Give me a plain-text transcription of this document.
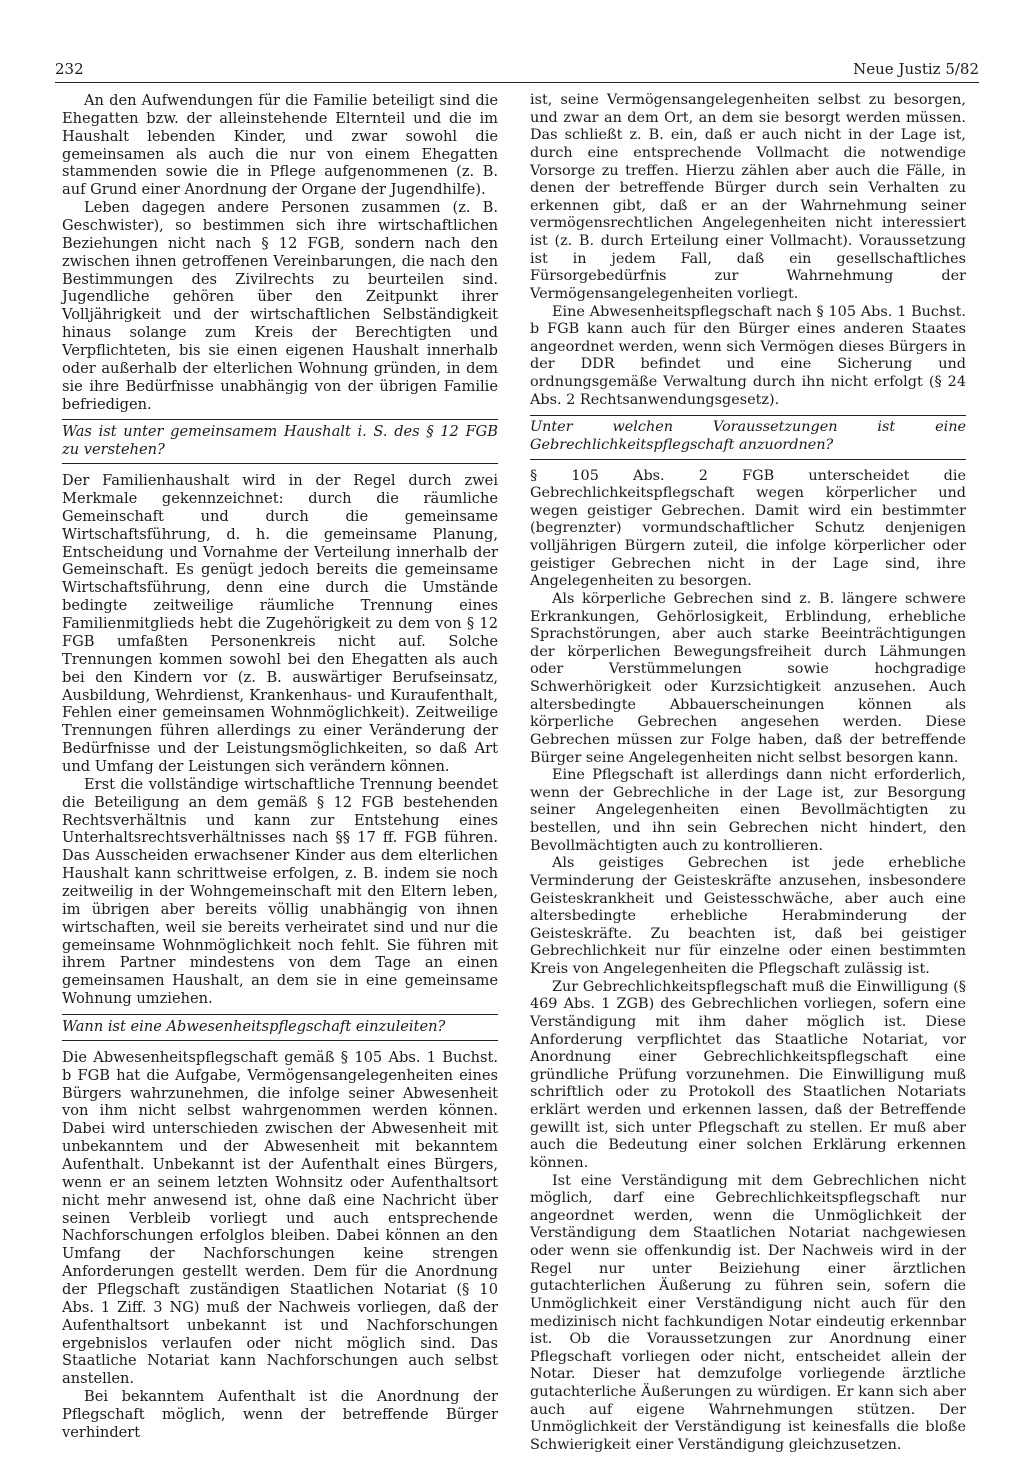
232	Neue Justiz 5/82

An den Aufwendungen für die Familie beteiligt sind die Ehegatten bzw. der alleinstehende Elternteil und die im Haushalt lebenden Kinder, und zwar sowohl die gemeinsamen als auch die nur von einem Ehegatten stammenden sowie die in Pflege aufgenommenen (z. B. auf Grund einer Anordnung der Organe der Jugendhilfe).

Leben dagegen andere Personen zusammen (z. B. Geschwister), so bestimmen sich ihre wirtschaftlichen Beziehungen nicht nach § 12 FGB, sondern nach den zwischen ihnen getroffenen Vereinbarungen, die nach den Bestimmungen des Zivilrechts zu beurteilen sind. Jugendliche gehören über den Zeitpunkt ihrer Volljährigkeit und der wirtschaftlichen Selbständigkeit hinaus solange zum Kreis der Berechtigten und Verpflichteten, bis sie einen eigenen Haushalt innerhalb oder außerhalb der elterlichen Wohnung gründen, in dem sie ihre Bedürfnisse unabhängig von der übrigen Familie befriedigen.

Was ist unter gemeinsamem Haushalt i. S. des § 12 FGB zu verstehen?

Der Familienhaushalt wird in der Regel durch zwei Merkmale gekennzeichnet: durch die räumliche Gemeinschaft und durch die gemeinsame Wirtschaftsführung, d. h. die gemeinsame Planung, Entscheidung und Vornahme der Verteilung innerhalb der Gemeinschaft. Es genügt jedoch bereits die gemeinsame Wirtschaftsführung, denn eine durch die Umstände bedingte zeitweilige räumliche Trennung eines Familienmitglieds hebt die Zugehörigkeit zu dem von § 12 FGB umfaßten Personenkreis nicht auf. Solche Trennungen kommen sowohl bei den Ehegatten als auch bei den Kindern vor (z. B. auswärtiger Berufseinsatz, Ausbildung, Wehrdienst, Krankenhaus- und Kuraufenthalt, Fehlen einer gemeinsamen Wohnmöglichkeit). Zeitweilige Trennungen führen allerdings zu einer Veränderung der Bedürfnisse und der Leistungsmöglichkeiten, so daß Art und Umfang der Leistungen sich verändern können.

Erst die vollständige wirtschaftliche Trennung beendet die Beteiligung an dem gemäß § 12 FGB bestehenden Rechtsverhältnis und kann zur Entstehung eines Unterhaltsrechtsverhältnisses nach §§ 17 ff. FGB führen. Das Ausscheiden erwachsener Kinder aus dem elterlichen Haushalt kann schrittweise erfolgen, z. B. indem sie noch zeitweilig in der Wohngemeinschaft mit den Eltern leben, im übrigen aber bereits völlig unabhängig von ihnen wirtschaften, weil sie bereits verheiratet sind und nur die gemeinsame Wohnmöglichkeit noch fehlt. Sie führen mit ihrem Partner mindestens von dem Tage an einen gemeinsamen Haushalt, an dem sie in eine gemeinsame Wohnung umziehen.

Wann ist eine Abwesenheitspflegschaft einzuleiten?

Die Abwesenheitspflegschaft gemäß § 105 Abs. 1 Buchst. b FGB hat die Aufgabe, Vermögensangelegenheiten eines Bürgers wahrzunehmen, die infolge seiner Abwesenheit von ihm nicht selbst wahrgenommen werden können. Dabei wird unterschieden zwischen der Abwesenheit mit unbekanntem und der Abwesenheit mit bekanntem Aufenthalt. Unbekannt ist der Aufenthalt eines Bürgers, wenn er an seinem letzten Wohnsitz oder Aufenthaltsort nicht mehr anwesend ist, ohne daß eine Nachricht über seinen Verbleib vorliegt und auch entsprechende Nachforschungen erfolglos bleiben. Dabei können an den Umfang der Nachforschungen keine strengen Anforderungen gestellt werden. Dem für die Anordnung der Pflegschaft zuständigen Staatlichen Notariat (§ 10 Abs. 1 Ziff. 3 NG) muß der Nachweis vorliegen, daß der Aufenthaltsort unbekannt ist und Nachforschungen ergebnislos verlaufen oder nicht möglich sind. Das Staatliche Notariat kann Nachforschungen auch selbst anstellen.

Bei bekanntem Aufenthalt ist die Anordnung der Pflegschaft möglich, wenn der betreffende Bürger verhindert

ist, seine Vermögensangelegenheiten selbst zu besorgen, und zwar an dem Ort, an dem sie besorgt werden müssen. Das schließt z. B. ein, daß er auch nicht in der Lage ist, durch eine entsprechende Vollmacht die notwendige Vorsorge zu treffen. Hierzu zählen aber auch die Fälle, in denen der betreffende Bürger durch sein Verhalten zu erkennen gibt, daß er an der Wahrnehmung seiner vermögensrechtlichen Angelegenheiten nicht interessiert ist (z. B. durch Erteilung einer Vollmacht). Voraussetzung ist in jedem Fall, daß ein gesellschaftliches Fürsorgebedürfnis zur Wahrnehmung der Vermögensangelegenheiten vorliegt.

Eine Abwesenheitspflegschaft nach § 105 Abs. 1 Buchst. b FGB kann auch für den Bürger eines anderen Staates angeordnet werden, wenn sich Vermögen dieses Bürgers in der DDR befindet und eine Sicherung und ordnungsgemäße Verwaltung durch ihn nicht erfolgt (§ 24 Abs. 2 Rechtsanwendungsgesetz).

Unter welchen Voraussetzungen ist eine Gebrechlichkeitspflegschaft anzuordnen?

§ 105 Abs. 2 FGB unterscheidet die Gebrechlichkeitspflegschaft wegen körperlicher und wegen geistiger Gebrechen. Damit wird ein bestimmter (begrenzter) vormundschaftlicher Schutz denjenigen volljährigen Bürgern zuteil, die infolge körperlicher oder geistiger Gebrechen nicht in der Lage sind, ihre Angelegenheiten zu besorgen.

Als körperliche Gebrechen sind z. B. längere schwere Erkrankungen, Gehörlosigkeit, Erblindung, erhebliche Sprachstörungen, aber auch starke Beeinträchtigungen der körperlichen Bewegungsfreiheit durch Lähmungen oder Verstümmelungen sowie hochgradige Schwerhörigkeit oder Kurzsichtigkeit anzusehen. Auch altersbedingte Abbauerscheinungen können als körperliche Gebrechen angesehen werden. Diese Gebrechen müssen zur Folge haben, daß der betreffende Bürger seine Angelegenheiten nicht selbst besorgen kann.

Eine Pflegschaft ist allerdings dann nicht erforderlich, wenn der Gebrechliche in der Lage ist, zur Besorgung seiner Angelegenheiten einen Bevollmächtigten zu bestellen, und ihn sein Gebrechen nicht hindert, den Bevollmächtigten auch zu kontrollieren.

Als geistiges Gebrechen ist jede erhebliche Verminderung der Geisteskräfte anzusehen, insbesondere Geisteskrankheit und Geistesschwäche, aber auch eine altersbedingte erhebliche Herabminderung der Geisteskräfte. Zu beachten ist, daß bei geistiger Gebrechlichkeit nur für einzelne oder einen bestimmten Kreis von Angelegenheiten die Pflegschaft zulässig ist.

Zur Gebrechlichkeitspflegschaft muß die Einwilligung (§ 469 Abs. 1 ZGB) des Gebrechlichen vorliegen, sofern eine Verständigung mit ihm daher möglich ist. Diese Anforderung verpflichtet das Staatliche Notariat, vor Anordnung einer Gebrechlichkeitspflegschaft eine gründliche Prüfung vorzunehmen. Die Einwilligung muß schriftlich oder zu Protokoll des Staatlichen Notariats erklärt werden und erkennen lassen, daß der Betreffende gewillt ist, sich unter Pflegschaft zu stellen. Er muß aber auch die Bedeutung einer solchen Erklärung erkennen können.

Ist eine Verständigung mit dem Gebrechlichen nicht möglich, darf eine Gebrechlichkeitspflegschaft nur angeordnet werden, wenn die Unmöglichkeit der Verständigung dem Staatlichen Notariat nachgewiesen oder wenn sie offenkundig ist. Der Nachweis wird in der Regel nur unter Beiziehung einer ärztlichen gutachterlichen Äußerung zu führen sein, sofern die Unmöglichkeit einer Verständigung nicht auch für den medizinisch nicht fachkundigen Notar eindeutig erkennbar ist. Ob die Voraussetzungen zur Anordnung einer Pflegschaft vorliegen oder nicht, entscheidet allein der Notar. Dieser hat demzufolge vorliegende ärztliche gutachterliche Äußerungen zu würdigen. Er kann sich aber auch auf eigene Wahrnehmungen stützen. Der Unmöglichkeit der Verständigung ist keinesfalls die bloße Schwierigkeit einer Verständigung gleichzusetzen.
